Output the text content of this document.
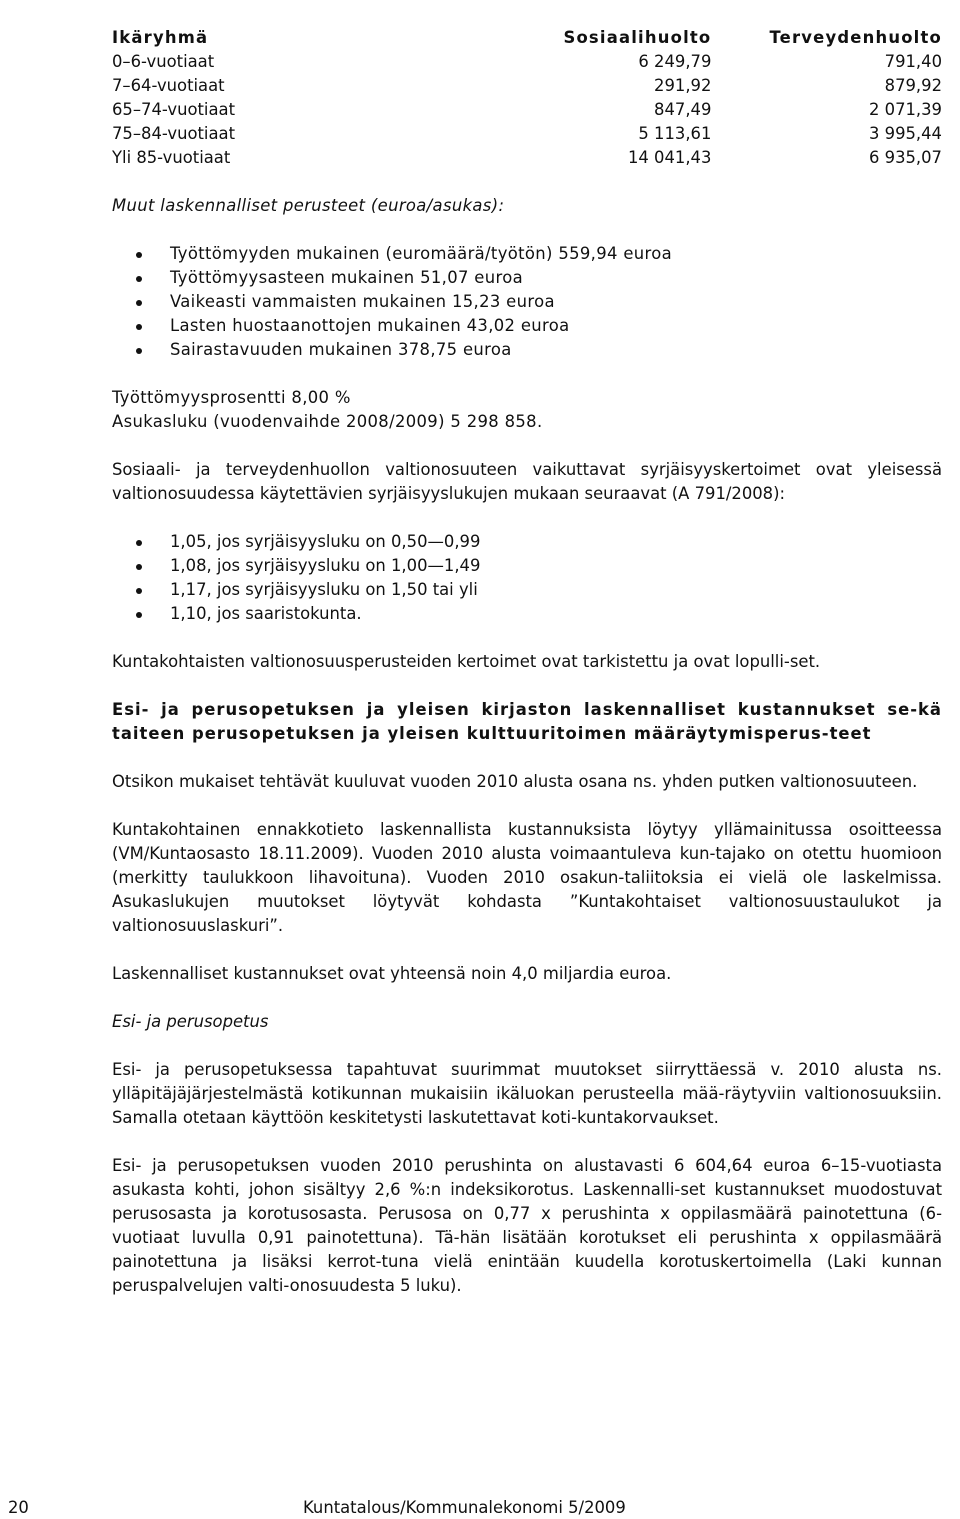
Ikäryhmä	Sosiaalihuolto	Terveydenhuolto
0–6-vuotiaat	6 249,79	791,40
7–64-vuotiaat	291,92	879,92
65–74-vuotiaat	847,49	2 071,39
75–84-vuotiaat	5 113,61	3 995,44
Yli 85-vuotiaat	14 041,43	6 935,07

Muut laskennalliset perusteet (euroa/asukas):

Työttömyyden mukainen (euromäärä/työtön) 559,94 euroa
Työttömyysasteen mukainen 51,07 euroa
Vaikeasti vammaisten mukainen 15,23 euroa
Lasten huostaanottojen mukainen 43,02 euroa
Sairastavuuden mukainen 378,75 euroa

Työttömyysprosentti 8,00 %

Asukasluku (vuodenvaihde 2008/2009) 5 298 858.

Sosiaali- ja terveydenhuollon valtionosuuteen vaikuttavat syrjäisyyskertoimet ovat yleisessä valtionosuudessa käytettävien syrjäisyyslukujen mukaan seuraavat (A 791/2008):

1,05, jos syrjäisyysluku on 0,50—0,99
1,08, jos syrjäisyysluku on 1,00—1,49
1,17, jos syrjäisyysluku on 1,50 tai yli
1,10, jos saaristokunta.

Kuntakohtaisten valtionosuusperusteiden kertoimet ovat tarkistettu ja ovat lopulli-set.

Esi- ja perusopetuksen ja yleisen kirjaston laskennalliset kustannukset se-kä taiteen perusopetuksen ja yleisen kulttuuritoimen määräytymisperus-teet

Otsikon mukaiset tehtävät kuuluvat vuoden 2010 alusta osana ns. yhden putken valtionosuuteen.

Kuntakohtainen ennakkotieto laskennallista kustannuksista löytyy yllämainitussa osoitteessa (VM/Kuntaosasto 18.11.2009). Vuoden 2010 alusta voimaantuleva kun-tajako on otettu huomioon (merkitty taulukkoon lihavoituna). Vuoden 2010 osakun-taliitoksia ei vielä ole laskelmissa. Asukaslukujen muutokset löytyvät kohdasta ”Kuntakohtaiset valtionosuustaulukot ja valtionosuuslaskuri”.

Laskennalliset kustannukset ovat yhteensä noin 4,0 miljardia euroa.

Esi- ja perusopetus

Esi- ja perusopetuksessa tapahtuvat suurimmat muutokset siirryttäessä v. 2010 alusta ns. ylläpitäjäjärjestelmästä kotikunnan mukaisiin ikäluokan perusteella mää-räytyviin valtionosuuksiin. Samalla otetaan käyttöön keskitetysti laskutettavat koti-kuntakorvaukset.

Esi- ja perusopetuksen vuoden 2010 perushinta on alustavasti 6 604,64 euroa 6–15-vuotiasta asukasta kohti, johon sisältyy 2,6 %:n indeksikorotus. Laskennalli-set kustannukset muodostuvat perusosasta ja korotusosasta. Perusosa on 0,77 x perushinta x oppilasmäärä painotettuna (6-vuotiaat luvulla 0,91 painotettuna). Tä-hän lisätään korotukset eli perushinta x oppilasmäärä painotettuna ja lisäksi kerrot-tuna vielä enintään kuudella korotuskertoimella (Laki kunnan peruspalvelujen valti-onosuudesta 5 luku).

20	Kuntatalous/Kommunalekonomi 5/2009
